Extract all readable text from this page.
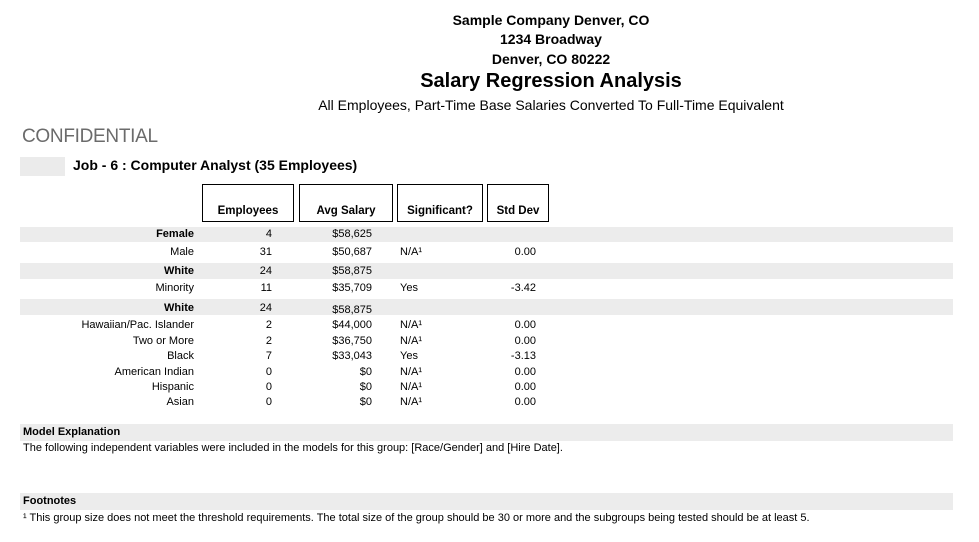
Sample Company Denver, CO
1234 Broadway
Denver, CO 80222
Salary Regression Analysis
All Employees, Part-Time Base Salaries Converted To Full-Time Equivalent
CONFIDENTIAL
Job - 6 : Computer Analyst (35 Employees)
Employees	Avg Salary	Significant?	Std Dev
Female	4	$58,625
Male	31	$50,687	N/A¹	0.00
White	24	$58,875
Minority	11	$35,709	Yes	-3.42
White	24	$58,875
Hawaiian/Pac. Islander	2	$44,000	N/A¹	0.00
Two or More	2	$36,750	N/A¹	0.00
Black	7	$33,043	Yes	-3.13
American Indian	0	$0	N/A¹	0.00
Hispanic	0	$0	N/A¹	0.00
Asian	0	$0	N/A¹	0.00
Model Explanation
The following independent variables were included in the models for this group: [Race/Gender] and [Hire Date].
Footnotes
¹ This group size does not meet the threshold requirements. The total size of the group should be 30 or more and the subgroups being tested should be at least 5.
